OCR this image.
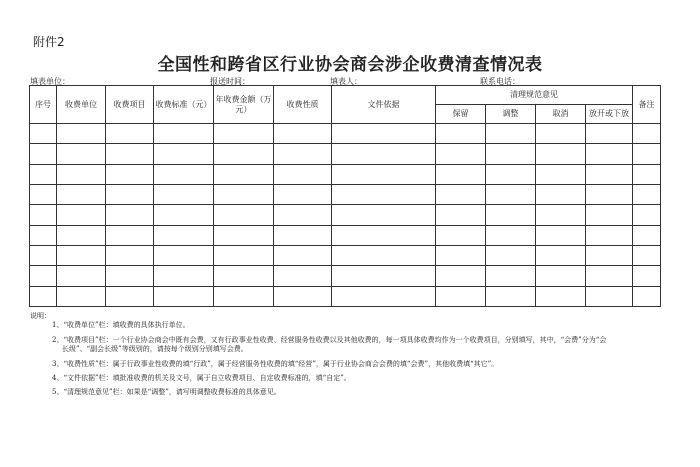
附件2
全国性和跨省区行业协会商会涉企收费清查情况表
填表单位：	报送时间：	填表人：	联系电话：
序号	收费单位	收费项目	收费标准（元）	年收费金额（万元）	收费性质	文件依据	清理规范意见				备注
							保留	调整	取消	放开或下放	

说明：
1、“收费单位”栏：填收费的具体执行单位。
2、“收费项目”栏：一个行业协会商会中既有会费，又有行政事业性收费、经营服务性收费以及其他收费的，每一项具体收费均作为一个收费项目，分别填写，其中，“会费”分为“会
长级”、“副会长级”等级别的，请按每个级别分别填写会费。
3、“收费性质”栏：属于行政事业性收费的填“行政”，属于经营服务性收费的填“经营”，属于行业协会商会会费的填“会费”，其他收费填“其它”。
4、“文件依据”栏：填批准收费的机关及文号，属于自立收费项目、自定收费标准的，填“自定”。
5、“清理规范意见”栏：如果是“调整”，请写明调整收费标准的具体意见。
